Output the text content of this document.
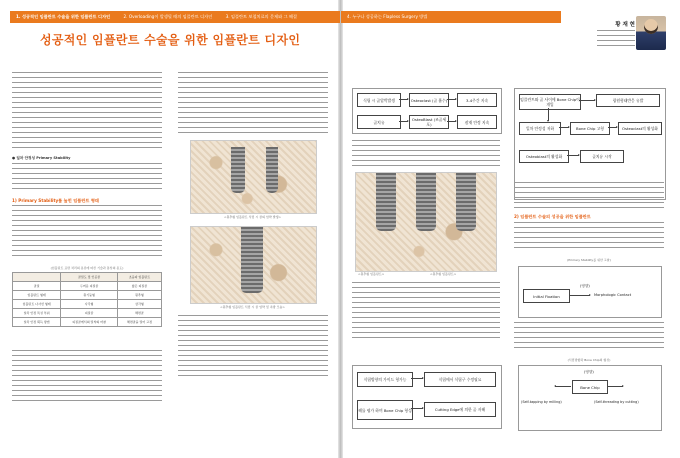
1. 성공적인 임플란트 수술을 위한 임플란트 디자인	2. Overloading이 발생될 때의 임플란트 디자인	3. 임플란트 보철치료의 문제와 그 해결	4. 누구나 성공하는 Flapless Surgery 방법
성공적인 임플란트 수술을 위한 임플란트 디자인
황 재 현
● 일차 안정성 Primary Stability
1) Primary Stability를 높힌 임플란트 형태
(임플란트 표면 처리의 분류에 따른 기술과 통상의 용도)
	골밀도 및 인공골	초음파 임플란트
골질	두꺼운 피질골	얇은 피질골
임플란트 형태	원기둥형	원추형
임플란트 나사선 형태	사각형	삼각형
일차 안정 특성 부위	피질골	해면골
일차 안정 획득 방법	피질골에서의 밀착의 마찰	해면골을 밀어 고정
<원추형 임플란트 식립 시 골의 압박 발생>
<원추형 임플란트 식립 시 골 압박 및 측방 모습>
식립 시 골압박발생	Osteoclast (골 흡수)	3-4주간 지속
골치유	OsteoBlast (조골세포)	잠재 안정 지속
<원추형 임플란트>	<원추형 임플란트>
식립방향의 가이드 형가능	식립에서 식립구 수정필요
해를 평가 하며 Bone Chip 형성	Cutting Edge에 의한 골 자해
임플란트와 골 사이에 Bone Chip이 개입
광원형태반응 유발
일차 안정성 저하	Bone Chip 고형	Osteoclast의 활성화
Osteoblast의 활성화	골치유 시작
2) 임플란트 수술의 성공을 위한 임플란트
(Primary Stability를 위한 고찰)
(영향)
Initial Fixation	Morphologic Contact
(식립방향과 Bone Chip의 형성)
(영향)
Bone Chip
(Self-tapping by milling)	(Self-threading by cutting)
